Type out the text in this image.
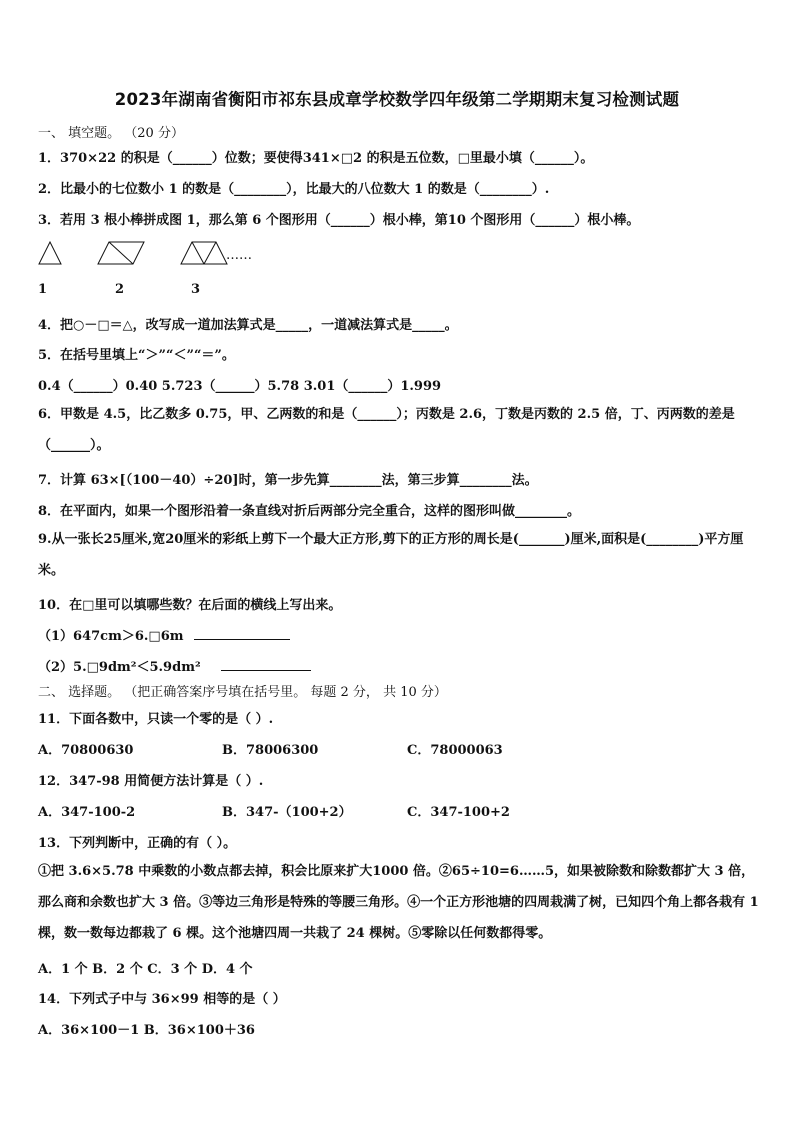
2023年湖南省衡阳市祁东县成章学校数学四年级第二学期期末复习检测试题
一、 填空题。 （20 分）
1．370×22 的积是（______）位数；要使得341×□2 的积是五位数，□里最小填（______）。
2．比最小的七位数小 1 的数是（________），比最大的八位数大 1 的数是（________）.
3．若用 3 根小棒拼成图 1，那么第 6 个图形用（______）根小棒，第10 个图形用（______）根小棒。
……
1	2	3
4．把○－□＝△，改写成一道加法算式是_____，一道减法算式是_____。
5．在括号里填上“＞”“＜”“＝”。
0.4（______）0.40 5.723（______）5.78 3.01（______）1.999
6．甲数是 4.5，比乙数多 0.75，甲、乙两数的和是（______）；丙数是 2.6，丁数是丙数的 2.5 倍，丁、丙两数的差是（______）。
7．计算 63×[（100－40）÷20]时，第一步先算________法，第三步算________法。
8．在平面内，如果一个图形沿着一条直线对折后两部分完全重合，这样的图形叫做________。
9.从一张长25厘米,宽20厘米的彩纸上剪下一个最大正方形,剪下的正方形的周长是(_______)厘米,面积是(________)平方厘米。
10．在□里可以填哪些数？在后面的横线上写出来。
（1）647cm＞6.□6m
（2）5.□9dm²＜5.9dm²
二、 选择题。 （把正确答案序号填在括号里。 每题 2 分， 共 10 分）
11．下面各数中，只读一个零的是（ ）.
A．70800630	B．78006300	C．78000063
12．347-98 用简便方法计算是（ ）.
A．347-100-2	B．347-（100+2）	C．347-100+2
13．下列判断中，正确的有（ ）。
①把 3.6×5.78 中乘数的小数点都去掉，积会比原来扩大1000 倍。②65÷10=6……5，如果被除数和除数都扩大 3 倍，那么商和余数也扩大 3 倍。③等边三角形是特殊的等腰三角形。④一个正方形池塘的四周栽满了树，已知四个角上都各栽有 1 棵，数一数每边都栽了 6 棵。这个池塘四周一共栽了 24 棵树。⑤零除以任何数都得零。
A．1 个 B．2 个 C．3 个 D．4 个
14．下列式子中与 36×99 相等的是（ ）
A．36×100－1 B．36×100＋36
